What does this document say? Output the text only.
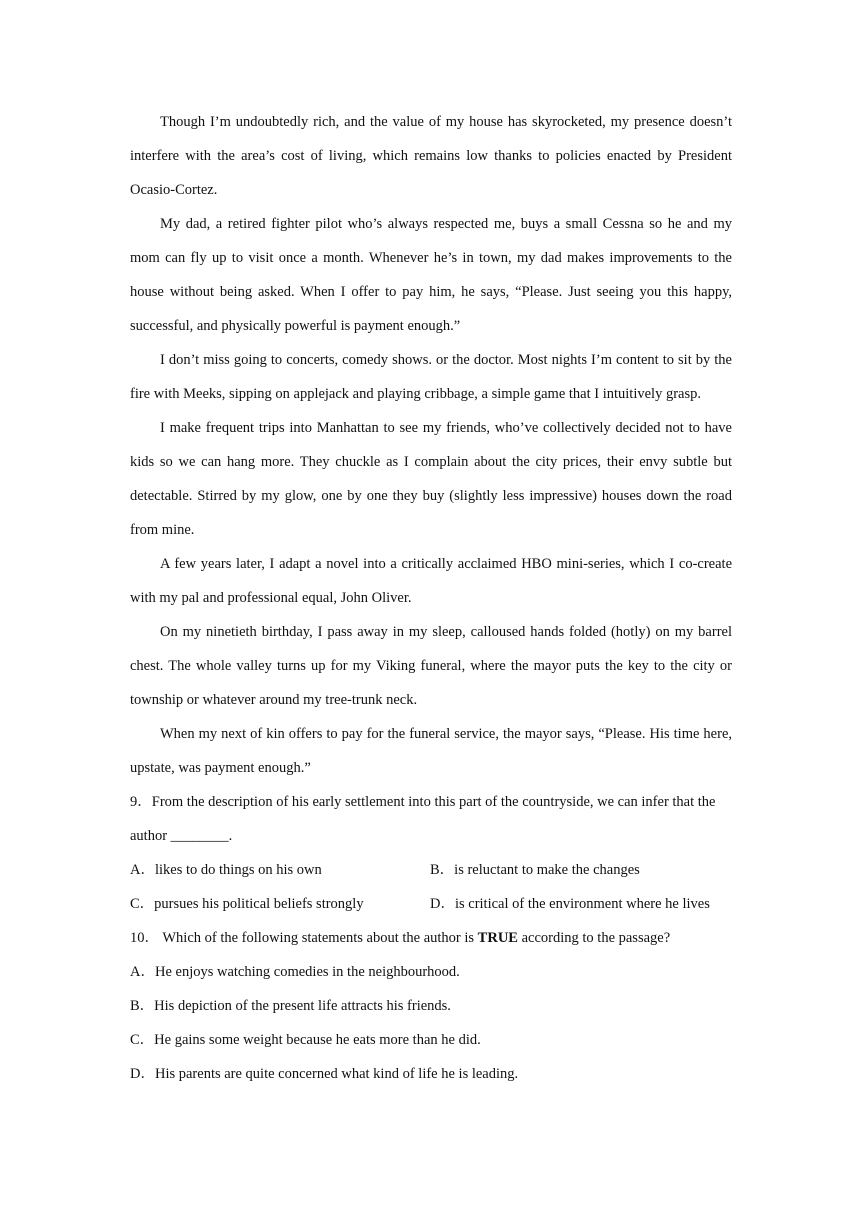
Though I’m undoubtedly rich, and the value of my house has skyrocketed, my presence doesn’t interfere with the area’s cost of living, which remains low thanks to policies enacted by President Ocasio-Cortez.

My dad, a retired fighter pilot who’s always respected me, buys a small Cessna so he and my mom can fly up to visit once a month. Whenever he’s in town, my dad makes improvements to the house without being asked. When I offer to pay him, he says, “Please. Just seeing you this happy, successful, and physically powerful is payment enough.”

I don’t miss going to concerts, comedy shows. or the doctor. Most nights I’m content to sit by the fire with Meeks, sipping on applejack and playing cribbage, a simple game that I intuitively grasp.

I make frequent trips into Manhattan to see my friends, who’ve collectively decided not to have kids so we can hang more. They chuckle as I complain about the city prices, their envy subtle but detectable. Stirred by my glow, one by one they buy (slightly less impressive) houses down the road from mine.

A few years later, I adapt a novel into a critically acclaimed HBO mini-series, which I co-create with my pal and professional equal, John Oliver.

On my ninetieth birthday, I pass away in my sleep, calloused hands folded (hotly) on my barrel chest. The whole valley turns up for my Viking funeral, where the mayor puts the key to the city or township or whatever around my tree-trunk neck.

When my next of kin offers to pay for the funeral service, the mayor says, “Please. His time here, upstate, was payment enough.”

9．From the description of his early settlement into this part of the countryside, we can infer that the author ________.

A．likes to do things on his own	B．is reluctant to make the changes
C．pursues his political beliefs strongly	D．is critical of the environment where he lives

10． Which of the following statements about the author is TRUE according to the passage?

A．He enjoys watching comedies in the neighbourhood.

B．His depiction of the present life attracts his friends.

C．He gains some weight because he eats more than he did.

D．His parents are quite concerned what kind of life he is leading.
